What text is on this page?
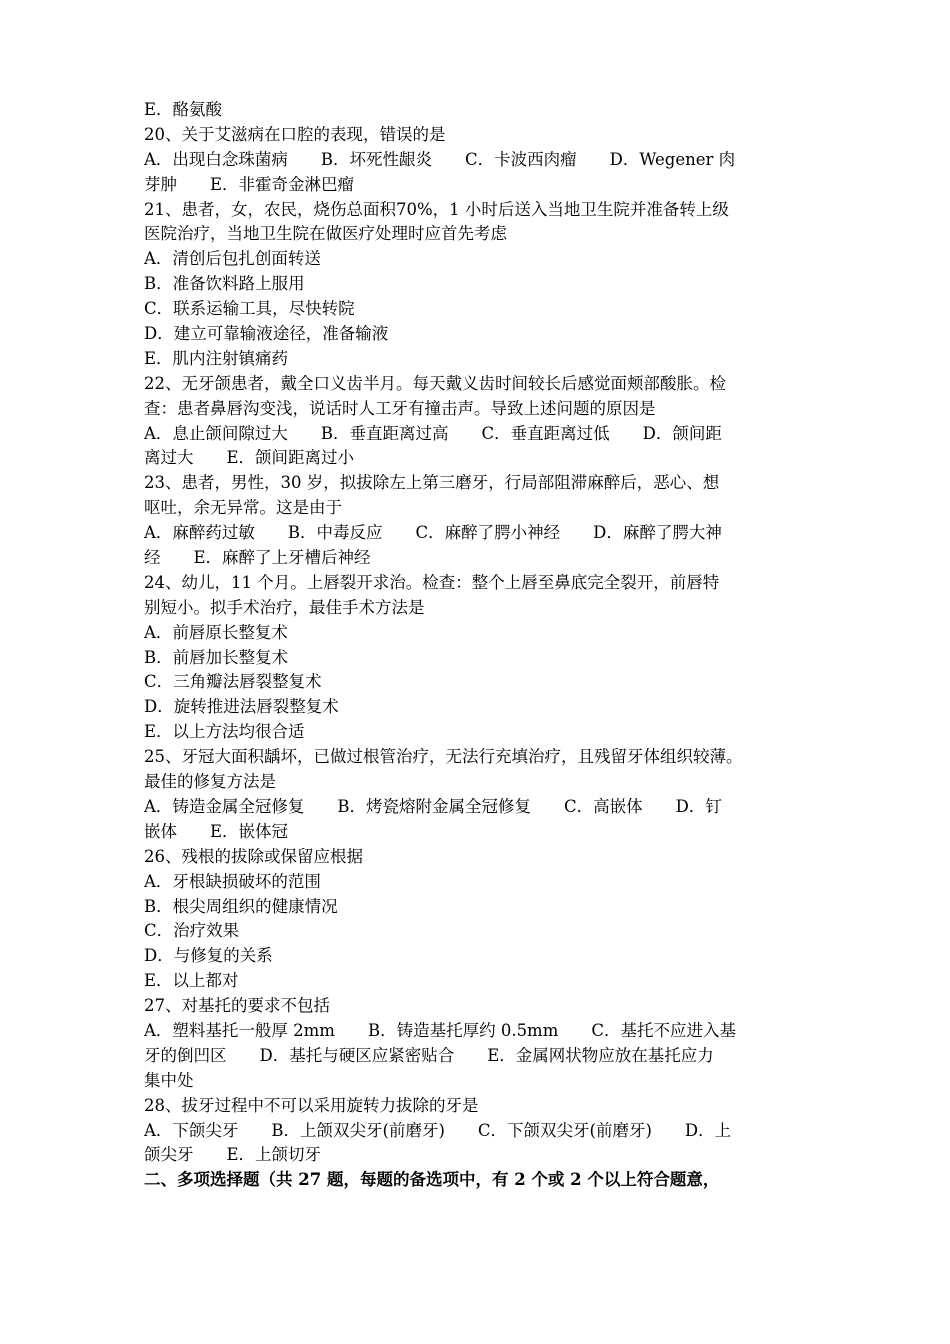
E．酪氨酸
20、关于艾滋病在口腔的表现，错误的是
A．出现白念珠菌病　　B．坏死性龈炎　　C．卡波西肉瘤　　D．Wegener 肉
芽肿　　E．非霍奇金淋巴瘤
21、患者，女，农民，烧伤总面积70%，1 小时后送入当地卫生院并准备转上级
医院治疗，当地卫生院在做医疗处理时应首先考虑
A．清创后包扎创面转送
B．准备饮料路上服用
C．联系运输工具，尽快转院
D．建立可靠输液途径，准备输液
E．肌内注射镇痛药
22、无牙颌患者，戴全口义齿半月。每天戴义齿时间较长后感觉面颊部酸胀。检
查：患者鼻唇沟变浅，说话时人工牙有撞击声。导致上述问题的原因是
A．息止颌间隙过大　　B．垂直距离过高　　C．垂直距离过低　　D．颌间距
离过大　　E．颌间距离过小
23、患者，男性，30 岁，拟拔除左上第三磨牙，行局部阻滞麻醉后，恶心、想
呕吐，余无异常。这是由于
A．麻醉药过敏　　B．中毒反应　　C．麻醉了腭小神经　　D．麻醉了腭大神
经　　E．麻醉了上牙槽后神经
24、幼儿，11 个月。上唇裂开求治。检查：整个上唇至鼻底完全裂开，前唇特
别短小。拟手术治疗，最佳手术方法是
A．前唇原长整复术
B．前唇加长整复术
C．三角瓣法唇裂整复术
D．旋转推进法唇裂整复术
E．以上方法均很合适
25、牙冠大面积龋坏，已做过根管治疗，无法行充填治疗，且残留牙体组织较薄。
最佳的修复方法是
A．铸造金属全冠修复　　B．烤瓷熔附金属全冠修复　　C．高嵌体　　D．钉
嵌体　　E．嵌体冠
26、残根的拔除或保留应根据
A．牙根缺损破坏的范围
B．根尖周组织的健康情况
C．治疗效果
D．与修复的关系
E．以上都对
27、对基托的要求不包括
A．塑料基托一般厚 2mm　　B．铸造基托厚约 0.5mm　　C．基托不应进入基
牙的倒凹区　　D．基托与硬区应紧密贴合　　E．金属网状物应放在基托应力
集中处
28、拔牙过程中不可以采用旋转力拔除的牙是
A．下颌尖牙　　B．上颌双尖牙(前磨牙)　　C．下颌双尖牙(前磨牙)　　D．上
颌尖牙　　E．上颌切牙
二、多项选择题（共 27 题，每题的备选项中，有 2 个或 2 个以上符合题意，
